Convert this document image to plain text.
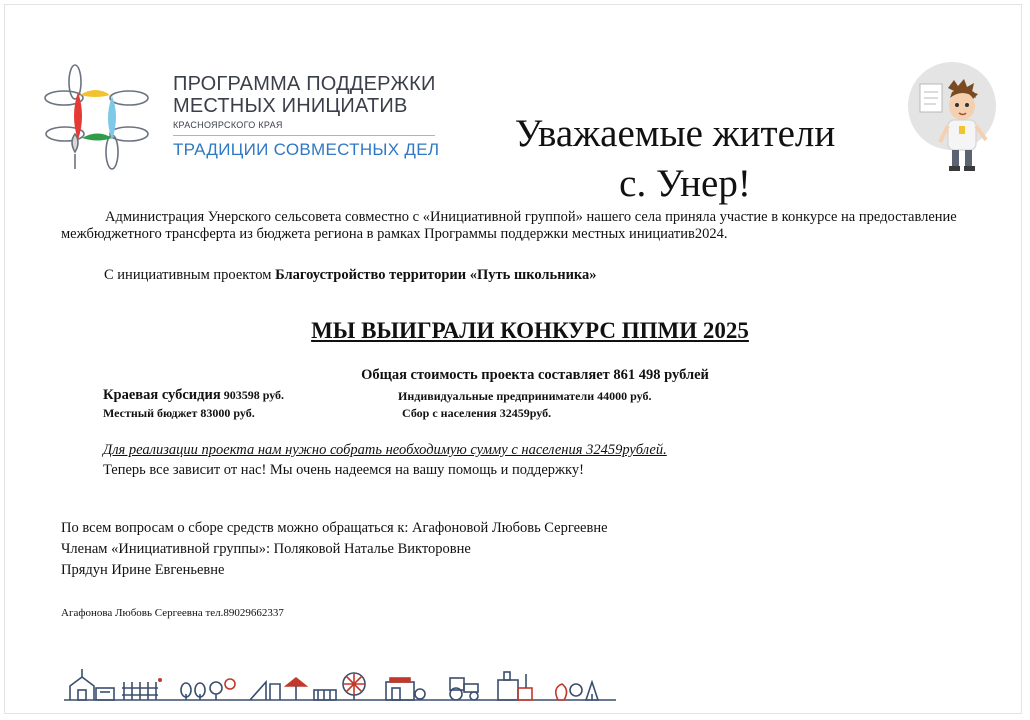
ПРОГРАММА ПОДДЕРЖКИ
МЕСТНЫХ ИНИЦИАТИВ
КРАСНОЯРСКОГО КРАЯ
ТРАДИЦИИ СОВМЕСТНЫХ ДЕЛ	Уважаемые жители
с. Унер!
Администрация Унерского сельсовета совместно с «Инициативной группой» нашего села приняла участие в конкурсе на предоставление межбюджетного трансферта из бюджета региона в рамках Программы поддержки местных инициатив2024.
С инициативным проектом Благоустройство территории «Путь школьника»
МЫ ВЫИГРАЛИ КОНКУРС ППМИ 2025
Общая стоимость проекта составляет 861 498 рублей
Краевая субсидия 903598 руб.	Индивидуальные предприниматели 44000 руб.
Местный бюджет 83000 руб.	Сбор с населения 32459руб.
Для реализации проекта нам нужно собрать необходимую сумму с населения 32459рублей.
Теперь все зависит от нас! Мы очень надеемся на вашу помощь и поддержку!
По всем вопросам о сборе средств можно обращаться к: Агафоновой Любовь Сергеевне
Членам «Инициативной группы»: Поляковой Наталье Викторовне
Прядун Ирине Евгеньевне
Агафонова Любовь Сергеевна тел.89029662337
